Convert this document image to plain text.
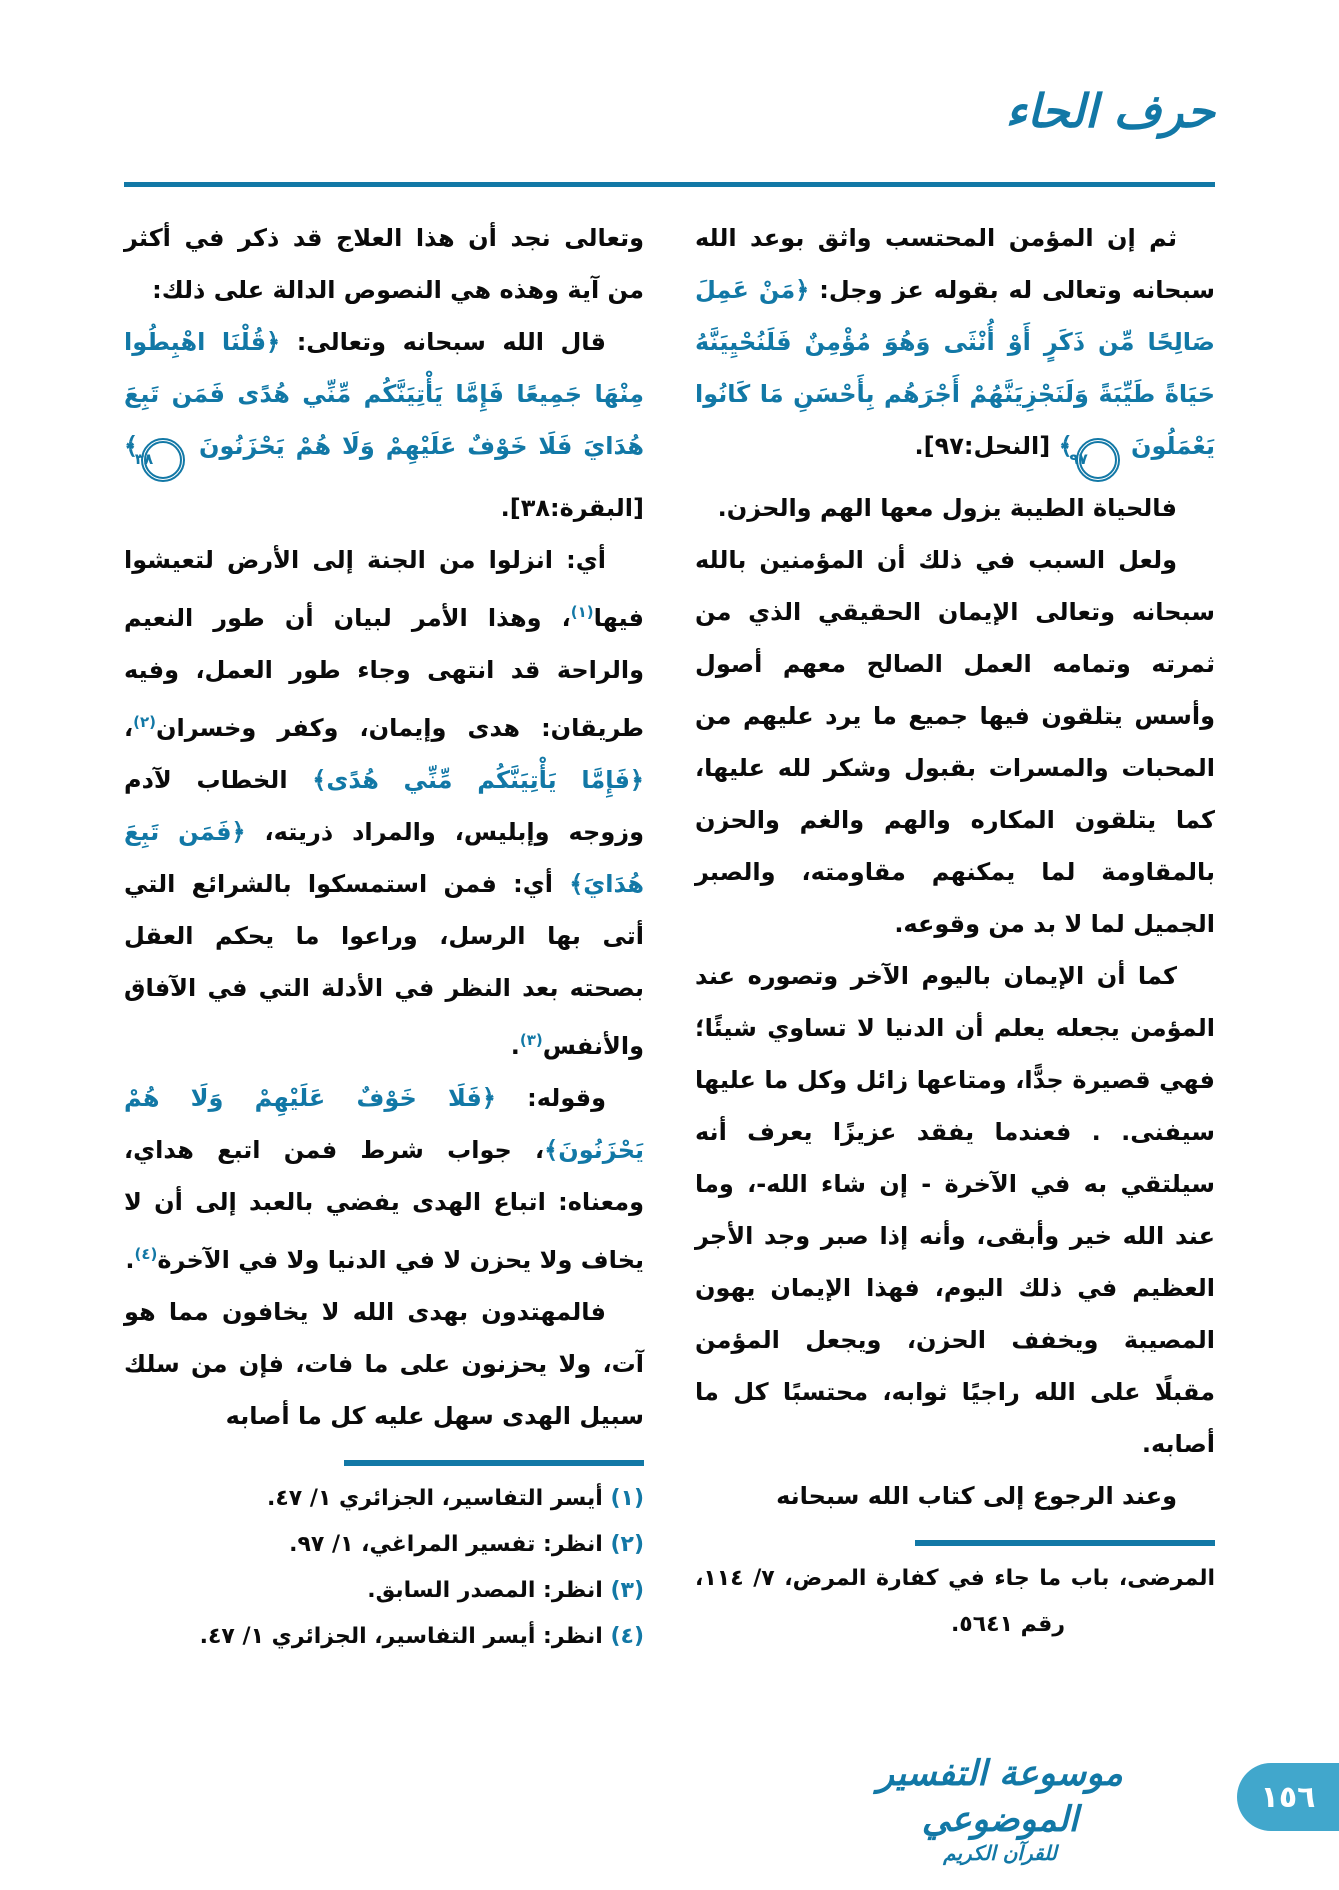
حرف الحاء

ثم إن المؤمن المحتسب واثق بوعد الله سبحانه وتعالى له بقوله عز وجل: ﴿مَنْ عَمِلَ صَالِحًا مِّن ذَكَرٍ أَوْ أُنْثَى وَهُوَ مُؤْمِنٌ فَلَنُحْيِيَنَّهُ حَيَاةً طَيِّبَةً وَلَنَجْزِيَنَّهُمْ أَجْرَهُم بِأَحْسَنِ مَا كَانُوا يَعْمَلُونَ
٩٧
﴾ [النحل:٩٧].

فالحياة الطيبة يزول معها الهم والحزن.

ولعل السبب في ذلك أن المؤمنين بالله سبحانه وتعالى الإيمان الحقيقي الذي من ثمرته وتمامه العمل الصالح معهم أصول وأسس يتلقون فيها جميع ما يرد عليهم من المحبات والمسرات بقبول وشكر لله عليها، كما يتلقون المكاره والهم والغم والحزن بالمقاومة لما يمكنهم مقاومته، والصبر الجميل لما لا بد من وقوعه.

كما أن الإيمان باليوم الآخر وتصوره عند المؤمن يجعله يعلم أن الدنيا لا تساوي شيئًا؛ فهي قصيرة جدًّا، ومتاعها زائل وكل ما عليها سيفنى. . فعندما يفقد عزيزًا يعرف أنه سيلتقي به في الآخرة - إن شاء الله-، وما عند الله خير وأبقى، وأنه إذا صبر وجد الأجر العظيم في ذلك اليوم، فهذا الإيمان يهون المصيبة ويخفف الحزن، ويجعل المؤمن مقبلًا على الله راجيًا ثوابه، محتسبًا كل ما أصابه.

وعند الرجوع إلى كتاب الله سبحانه

المرضى، باب ما جاء في كفارة المرض، ٧/ ١١٤، رقم ٥٦٤١.

وتعالى نجد أن هذا العلاج قد ذكر في أكثر من آية وهذه هي النصوص الدالة على ذلك:

قال الله سبحانه وتعالى: ﴿قُلْنَا اهْبِطُوا مِنْهَا جَمِيعًا فَإِمَّا يَأْتِيَنَّكُم مِّنِّي هُدًى فَمَن تَبِعَ هُدَايَ فَلَا خَوْفٌ عَلَيْهِمْ وَلَا هُمْ يَحْزَنُونَ
٣٨
﴾ [البقرة:٣٨].

أي: انزلوا من الجنة إلى الأرض لتعيشوا فيها$^{(١)}$، وهذا الأمر لبيان أن طور النعيم والراحة قد انتهى وجاء طور العمل، وفيه طريقان: هدى وإيمان، وكفر وخسران$^{(٢)}$، ﴿فَإِمَّا يَأْتِيَنَّكُم مِّنِّي هُدًى﴾ الخطاب لآدم وزوجه وإبليس، والمراد ذريته، ﴿فَمَن تَبِعَ هُدَايَ﴾ أي: فمن استمسكوا بالشرائع التي أتى بها الرسل، وراعوا ما يحكم العقل بصحته بعد النظر في الأدلة التي في الآفاق والأنفس$^{(٣)}$.

وقوله: ﴿فَلَا خَوْفٌ عَلَيْهِمْ وَلَا هُمْ يَحْزَنُونَ﴾، جواب شرط فمن اتبع هداي، ومعناه: اتباع الهدى يفضي بالعبد إلى أن لا يخاف ولا يحزن لا في الدنيا ولا في الآخرة$^{(٤)}$.

فالمهتدون بهدى الله لا يخافون مما هو آت، ولا يحزنون على ما فات، فإن من سلك سبيل الهدى سهل عليه كل ما أصابه

(١) أيسر التفاسير، الجزائري ١/ ٤٧.

(٢) انظر: تفسير المراغي، ١/ ٩٧.

(٣) انظر: المصدر السابق.

(٤) انظر: أيسر التفاسير، الجزائري ١/ ٤٧.

موسوعة التفسير الموضوعي
للقرآن الكريم
١٥٦
